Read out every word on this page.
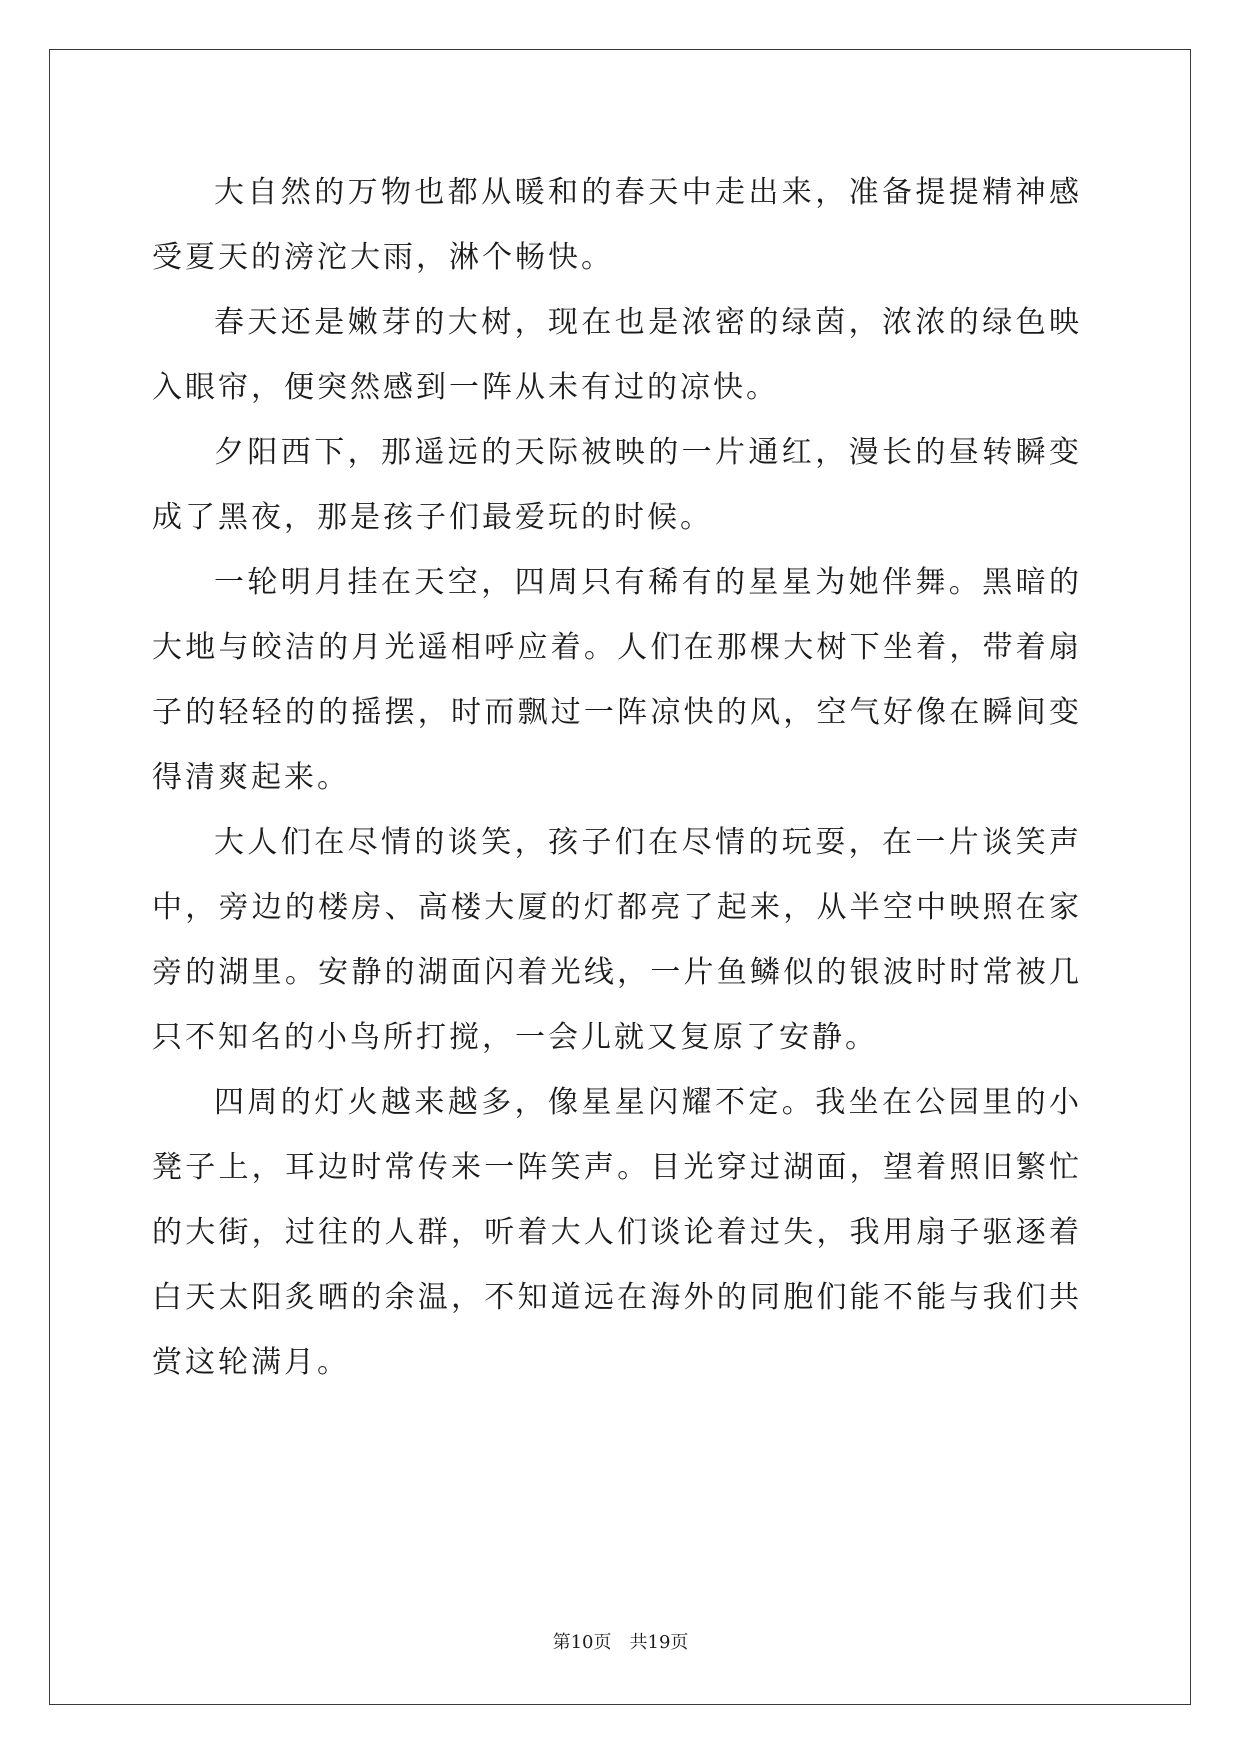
大自然的万物也都从暖和的春天中走出来，准备提提精神感受夏天的滂沱大雨，淋个畅快。

春天还是嫩芽的大树，现在也是浓密的绿茵，浓浓的绿色映入眼帘，便突然感到一阵从未有过的凉快。

夕阳西下，那遥远的天际被映的一片通红，漫长的昼转瞬变成了黑夜，那是孩子们最爱玩的时候。

一轮明月挂在天空，四周只有稀有的星星为她伴舞。黑暗的大地与皎洁的月光遥相呼应着。人们在那棵大树下坐着，带着扇子的轻轻的的摇摆，时而飘过一阵凉快的风，空气好像在瞬间变得清爽起来。

大人们在尽情的谈笑，孩子们在尽情的玩耍，在一片谈笑声中，旁边的楼房、高楼大厦的灯都亮了起来，从半空中映照在家旁的湖里。安静的湖面闪着光线，一片鱼鳞似的银波时时常被几只不知名的小鸟所打搅，一会儿就又复原了安静。

四周的灯火越来越多，像星星闪耀不定。我坐在公园里的小凳子上，耳边时常传来一阵笑声。目光穿过湖面，望着照旧繁忙的大街，过往的人群，听着大人们谈论着过失，我用扇子驱逐着白天太阳炙晒的余温，不知道远在海外的同胞们能不能与我们共赏这轮满月。

第10页 共19页
